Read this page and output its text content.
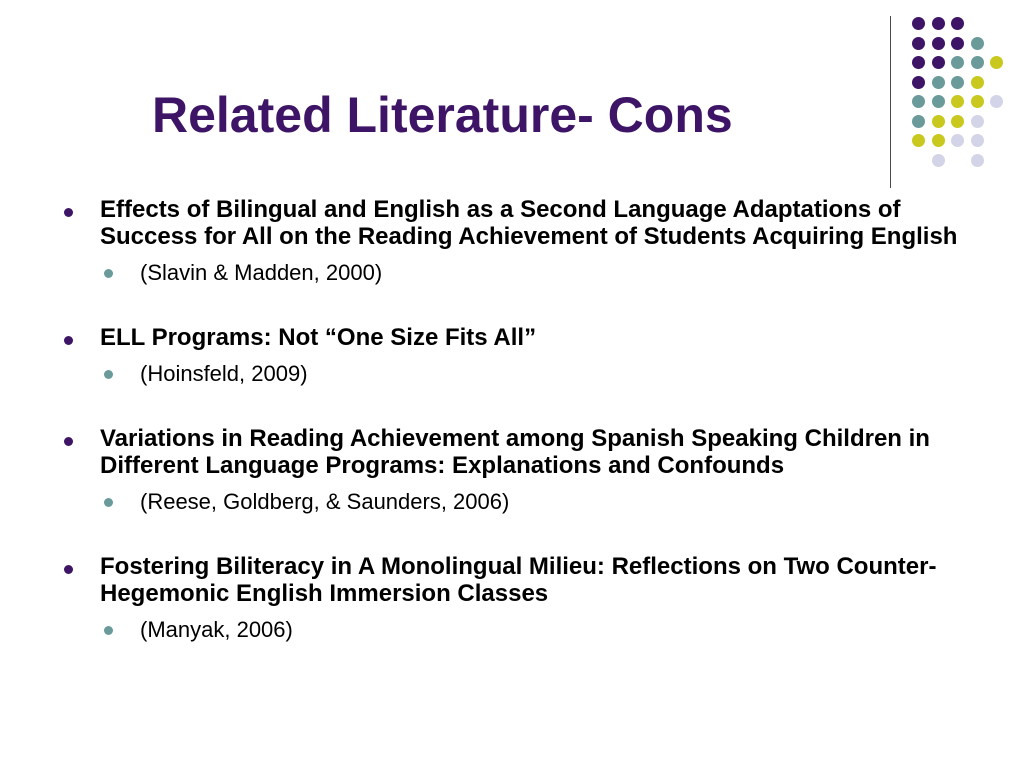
Related Literature- Cons

Effects of Bilingual and English as a Second Language Adaptations of Success for All on the Reading Achievement of Students Acquiring English

(Slavin & Madden, 2000)

ELL Programs: Not “One Size Fits All”

(Hoinsfeld, 2009)

Variations in Reading Achievement among Spanish Speaking Children in Different Language Programs: Explanations and Confounds

(Reese, Goldberg, & Saunders, 2006)

Fostering Biliteracy in A Monolingual Milieu: Reflections on Two Counter- Hegemonic English Immersion Classes

(Manyak, 2006)
